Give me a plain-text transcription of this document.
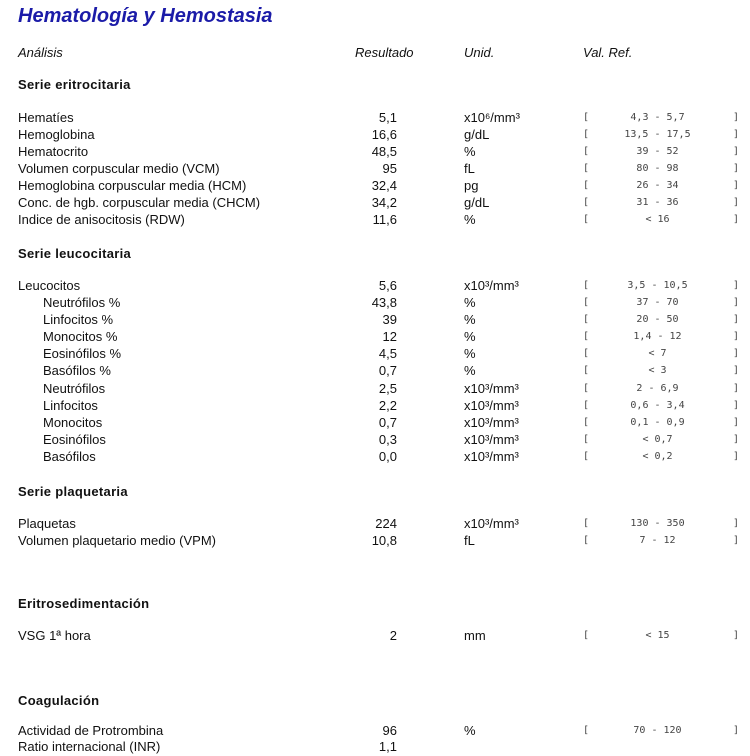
Hematología y Hemostasia
Análisis	Resultado	Unid.	Val. Ref.
Serie eritrocitaria
Hematíes	5,1	x10⁶/mm³	[	4,3 - 5,7	]
Hemoglobina	16,6	g/dL	[	13,5 - 17,5	]
Hematocrito	48,5	%	[	39 - 52	]
Volumen corpuscular medio (VCM)	95	fL	[	80 - 98	]
Hemoglobina corpuscular media (HCM)	32,4	pg	[	26 - 34	]
Conc. de hgb. corpuscular media (CHCM)	34,2	g/dL	[	31 - 36	]
Indice de anisocitosis (RDW)	11,6	%	[	< 16	]
Serie leucocitaria
Leucocitos	5,6	x10³/mm³	[	3,5 - 10,5	]
Neutrófilos %	43,8	%	[	37 - 70	]
Linfocitos %	39	%	[	20 - 50	]
Monocitos %	12	%	[	1,4 - 12	]
Eosinófilos %	4,5	%	[	< 7	]
Basófilos %	0,7	%	[	< 3	]
Neutrófilos	2,5	x10³/mm³	[	2 - 6,9	]
Linfocitos	2,2	x10³/mm³	[	0,6 - 3,4	]
Monocitos	0,7	x10³/mm³	[	0,1 - 0,9	]
Eosinófilos	0,3	x10³/mm³	[	< 0,7	]
Basófilos	0,0	x10³/mm³	[	< 0,2	]
Serie plaquetaria
Plaquetas	224	x10³/mm³	[	130 - 350	]
Volumen plaquetario medio (VPM)	10,8	fL	[	7 - 12	]
Eritrosedimentación
VSG 1ª hora	2	mm	[	< 15	]
Coagulación
Actividad de Protrombina	96	%	[	70 - 120	]
Ratio internacional (INR)	1,1
